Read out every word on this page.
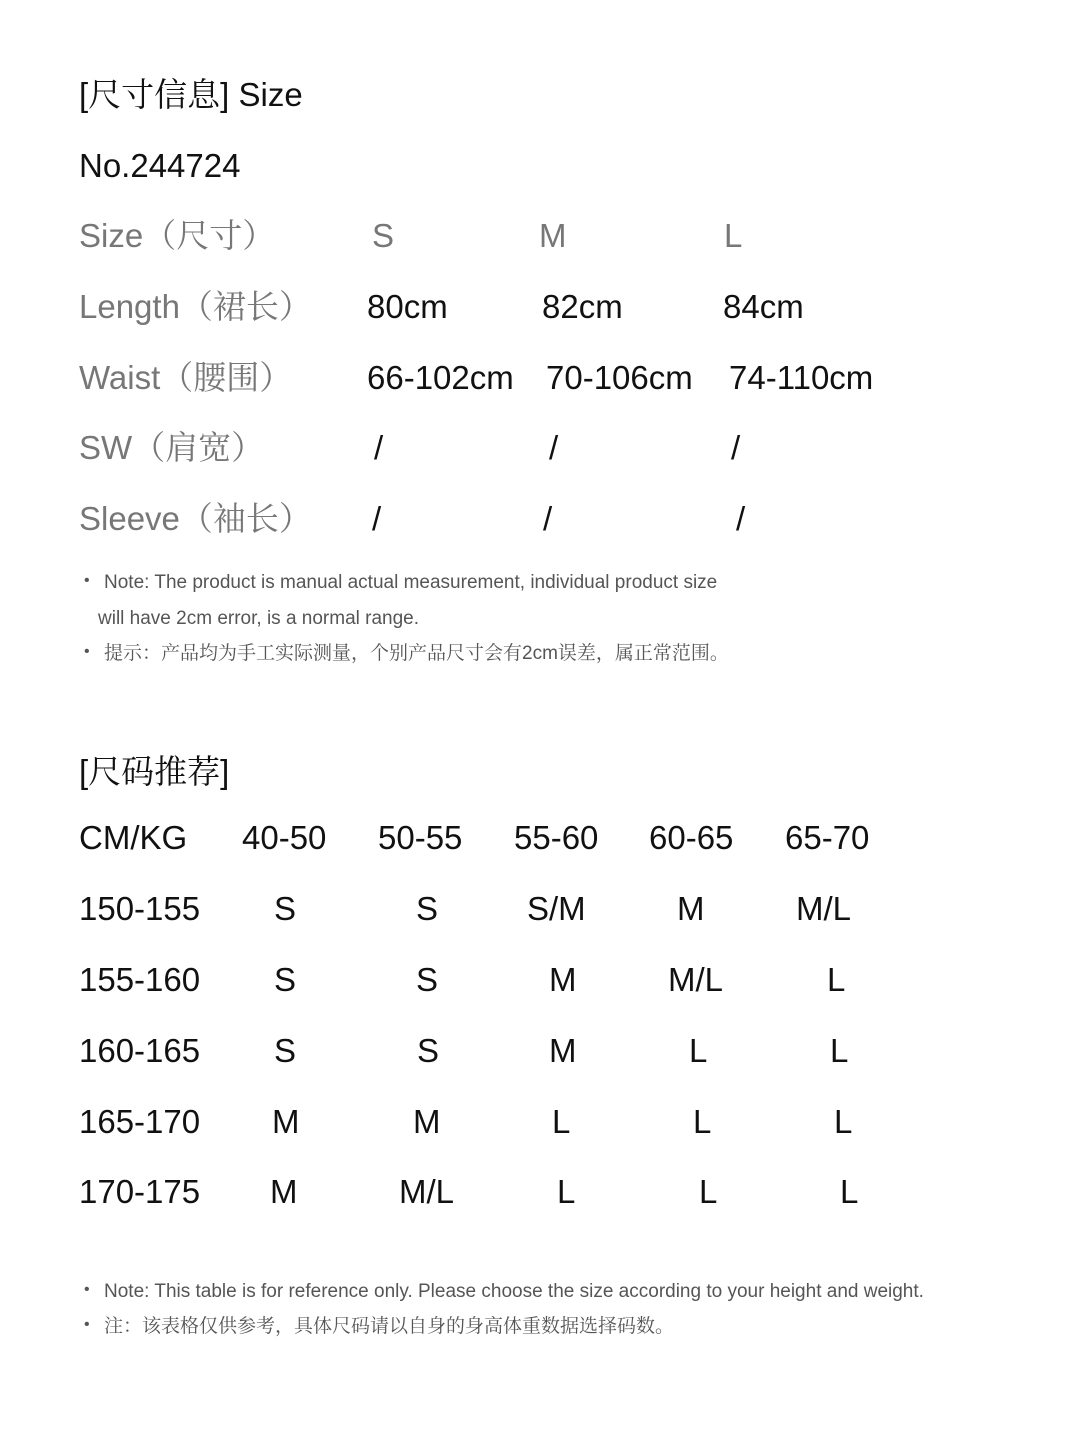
[尺寸信息] Size
No.244724
Size（尺寸）	S	M	L
Length（裙长） 80cm	82cm	84cm
Waist（腰围） 66-102cm 70-106cm 74-110cm
SW（肩宽）	/	/	/
Sleeve（袖长） /	/	/
• Note: The product is manual actual measurement, individual product size
will have 2cm error, is a normal range.
• 提示：产品均为手工实际测量，个别产品尺寸会有2cm误差，属正常范围。
[尺码推荐]
CM/KG 40-50 50-55 55-60 60-65 65-70
150-155 S	S	S/M	M	M/L
155-160 S	S	M	M/L	L
160-165 S	S	M	L	L
165-170 M	M	L	L	L
170-175 M	M/L	L	L	L
• Note: This table is for reference only. Please choose the size according to your height and weight.
• 注：该表格仅供参考，具体尺码请以自身的身高体重数据选择码数。
